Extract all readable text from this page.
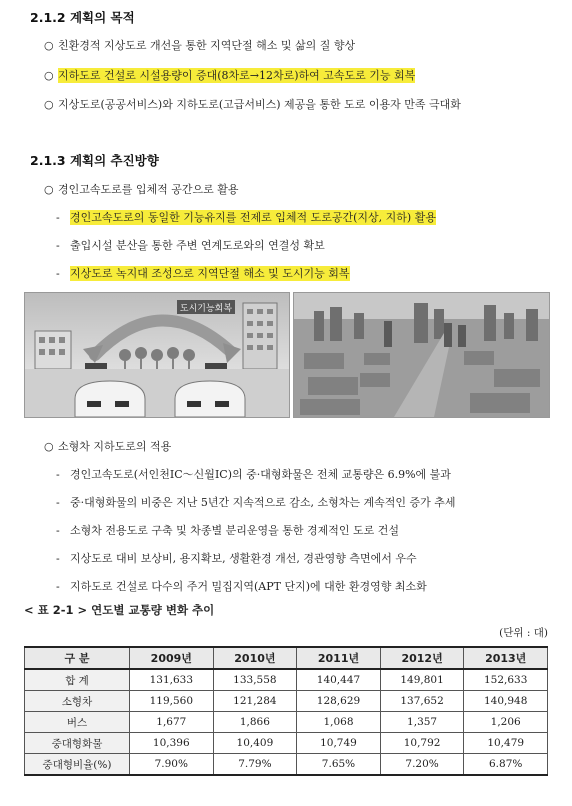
2.1.2 계획의 목적
○ 친환경적 지상도로 개선을 통한 지역단절 해소 및 삶의 질 향상
○ 지하도로 건설로 시설용량이 증대(8차로→12차로)하여 고속도로 기능 회복
○ 지상도로(공공서비스)와 지하도로(고급서비스) 제공을 통한 도로 이용자 만족 극대화
2.1.3 계획의 추진방향
○ 경인고속도로를 입체적 공간으로 활용
- 경인고속도로의 동일한 기능유지를 전제로 입체적 도로공간(지상, 지하) 활용
- 출입시설 분산을 통한 주변 연계도로와의 연결성 확보
- 지상도로 녹지대 조성으로 지역단절 해소 및 도시기능 회복
도시기능회복
○ 소형차 지하도로의 적용
- 경인고속도로(서인천IC～신월IC)의 중·대형화물은 전체 교통량은 6.9%에 불과
- 중·대형화물의 비중은 지난 5년간 지속적으로 감소, 소형차는 계속적인 증가 추세
- 소형차 전용도로 구축 및 차종별 분리운영을 통한 경제적인 도로 건설
- 지상도로 대비 보상비, 용지확보, 생활환경 개선, 경관영향 측면에서 우수
- 지하도로 건설로 다수의 주거 밀집지역(APT 단지)에 대한 환경영향 최소화
< 표 2-1 > 연도별 교통량 변화 추이
(단위 : 대)
구 분	2009년	2010년	2011년	2012년	2013년
합 계	131,633	133,558	140,447	149,801	152,633
소형차	119,560	121,284	128,629	137,652	140,948
버스	1,677	1,866	1,068	1,357	1,206
중대형화물	10,396	10,409	10,749	10,792	10,479
중대형비율(%)	7.90%	7.79%	7.65%	7.20%	6.87%
